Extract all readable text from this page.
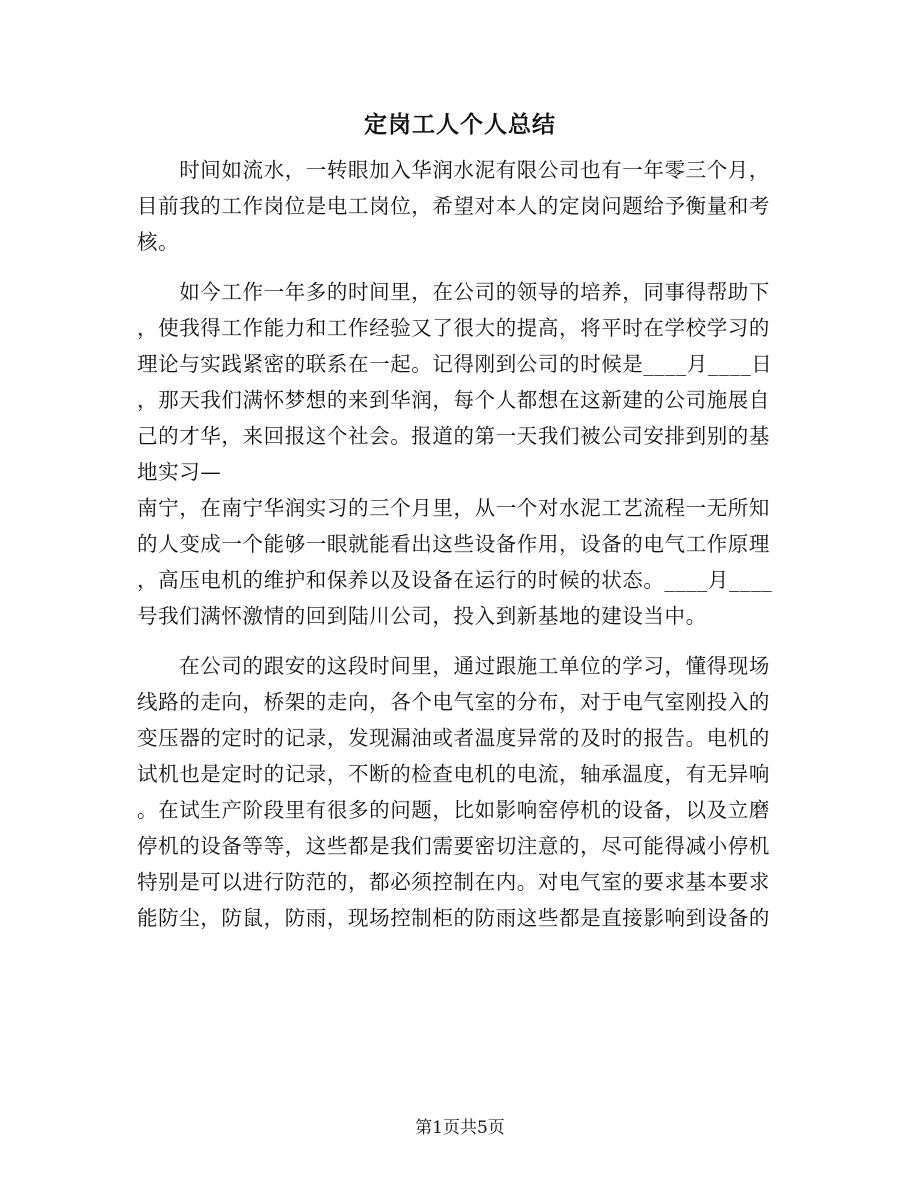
定岗工人个人总结
　　时间如流水，一转眼加入华润水泥有限公司也有一年零三个月，
目前我的工作岗位是电工岗位，希望对本人的定岗问题给予衡量和考
核。
　　如今工作一年多的时间里，在公司的领导的培养，同事得帮助下
，使我得工作能力和工作经验又了很大的提高，将平时在学校学习的
理论与实践紧密的联系在一起。记得刚到公司的时候是____月____日
，那天我们满怀梦想的来到华润，每个人都想在这新建的公司施展自
己的才华，来回报这个社会。报道的第一天我们被公司安排到别的基
地实习—
南宁，在南宁华润实习的三个月里，从一个对水泥工艺流程一无所知
的人变成一个能够一眼就能看出这些设备作用，设备的电气工作原理
，高压电机的维护和保养以及设备在运行的时候的状态。____月____
号我们满怀激情的回到陆川公司，投入到新基地的建设当中。
　　在公司的跟安的这段时间里，通过跟施工单位的学习，懂得现场
线路的走向，桥架的走向，各个电气室的分布，对于电气室刚投入的
变压器的定时的记录，发现漏油或者温度异常的及时的报告。电机的
试机也是定时的记录，不断的检查电机的电流，轴承温度，有无异响
。在试生产阶段里有很多的问题，比如影响窑停机的设备，以及立磨
停机的设备等等，这些都是我们需要密切注意的，尽可能得减小停机
特别是可以进行防范的，都必须控制在内。对电气室的要求基本要求
能防尘，防鼠，防雨，现场控制柜的防雨这些都是直接影响到设备的
第1页共5页
